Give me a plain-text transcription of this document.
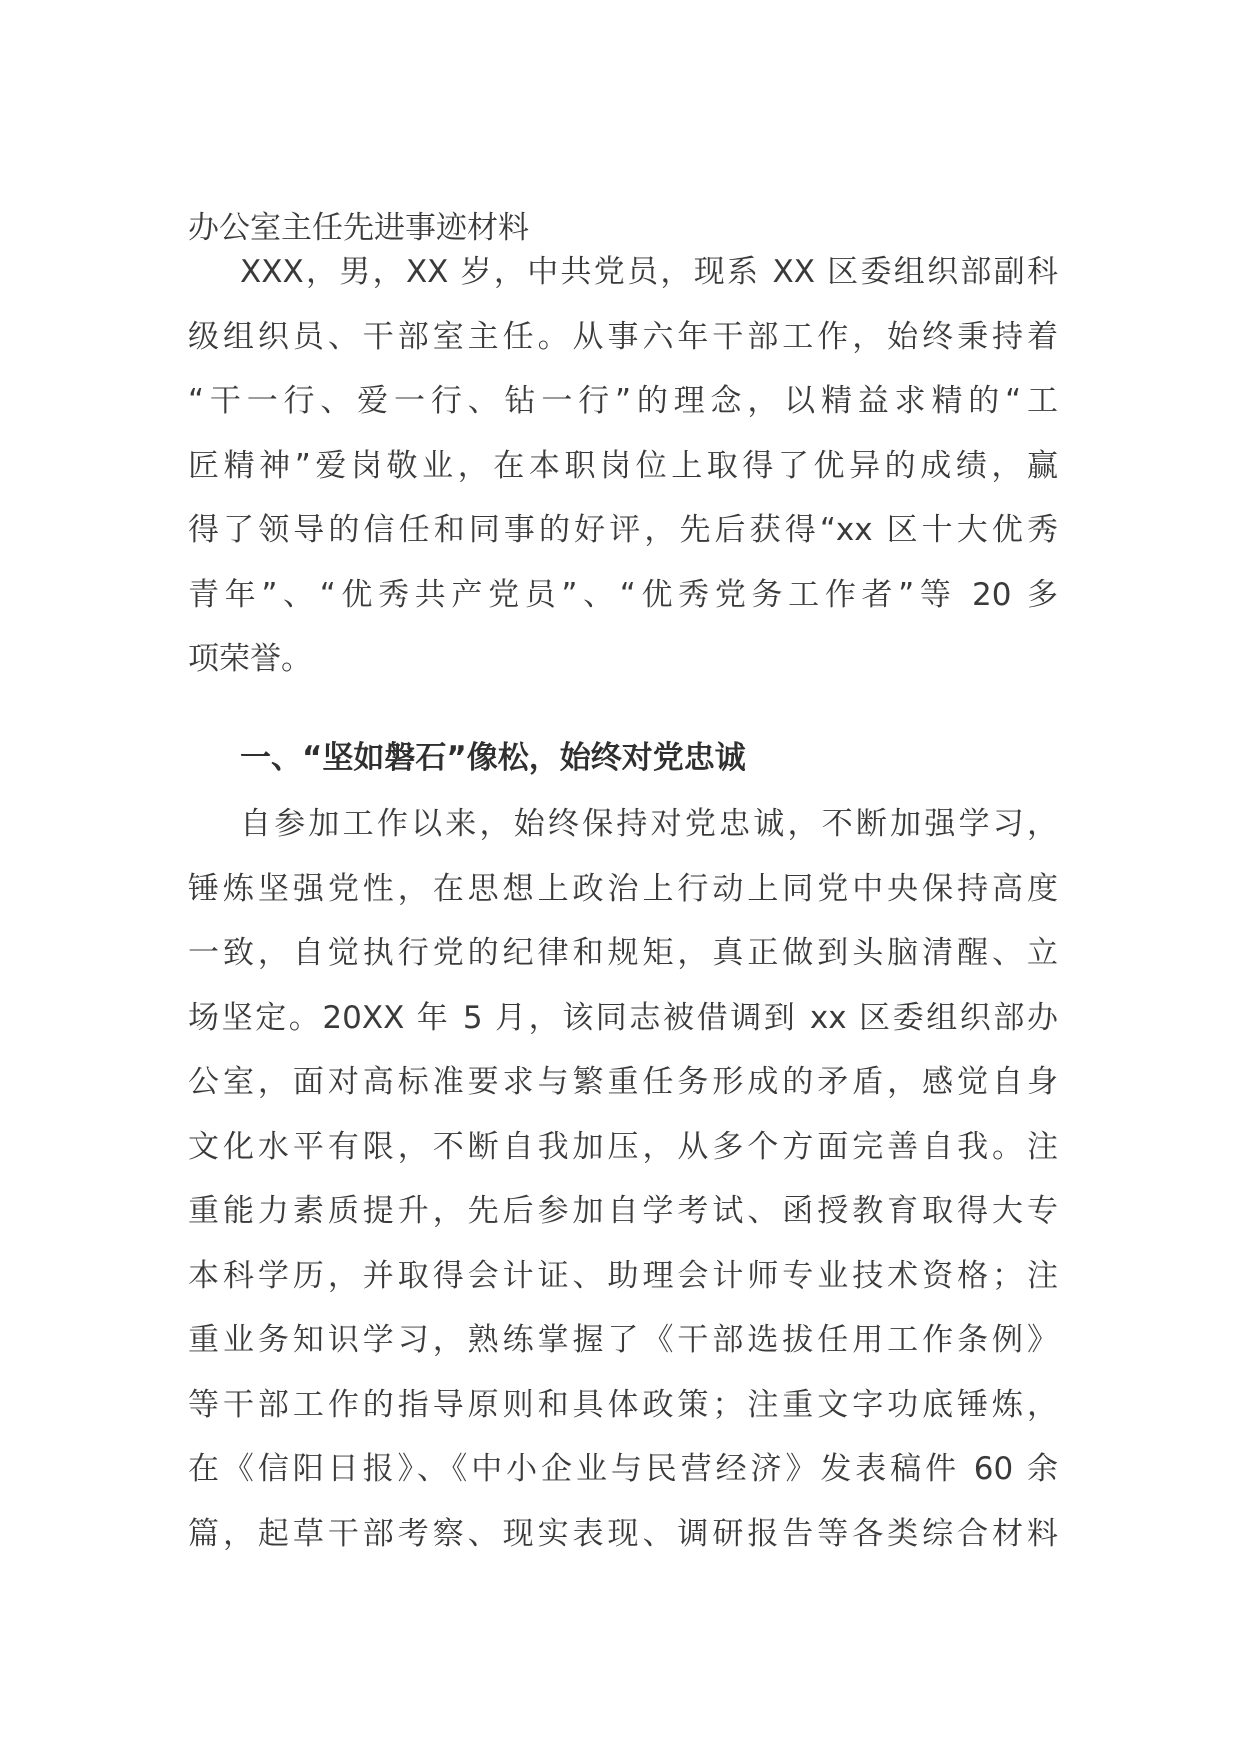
办公室主任先进事迹材料
XXX，男，XX 岁，中共党员，现系 XX 区委组织部副科
级组织员、干部室主任。从事六年干部工作，始终秉持着
“干一行、爱一行、钻一行”的理念，以精益求精的“工
匠精神”爱岗敬业，在本职岗位上取得了优异的成绩，赢
得了领导的信任和同事的好评，先后获得“xx 区十大优秀
青年”、“优秀共产党员”、“优秀党务工作者”等 20 多
项荣誉。
一、“坚如磐石”像松，始终对党忠诚
自参加工作以来，始终保持对党忠诚，不断加强学习，
锤炼坚强党性，在思想上政治上行动上同党中央保持高度
一致，自觉执行党的纪律和规矩，真正做到头脑清醒、立
场坚定。20XX 年 5 月，该同志被借调到 xx 区委组织部办
公室，面对高标准要求与繁重任务形成的矛盾，感觉自身
文化水平有限，不断自我加压，从多个方面完善自我。注
重能力素质提升，先后参加自学考试、函授教育取得大专
本科学历，并取得会计证、助理会计师专业技术资格；注
重业务知识学习，熟练掌握了《干部选拔任用工作条例》
等干部工作的指导原则和具体政策；注重文字功底锤炼，
在《信阳日报》、《中小企业与民营经济》发表稿件 60 余
篇，起草干部考察、现实表现、调研报告等各类综合材料
